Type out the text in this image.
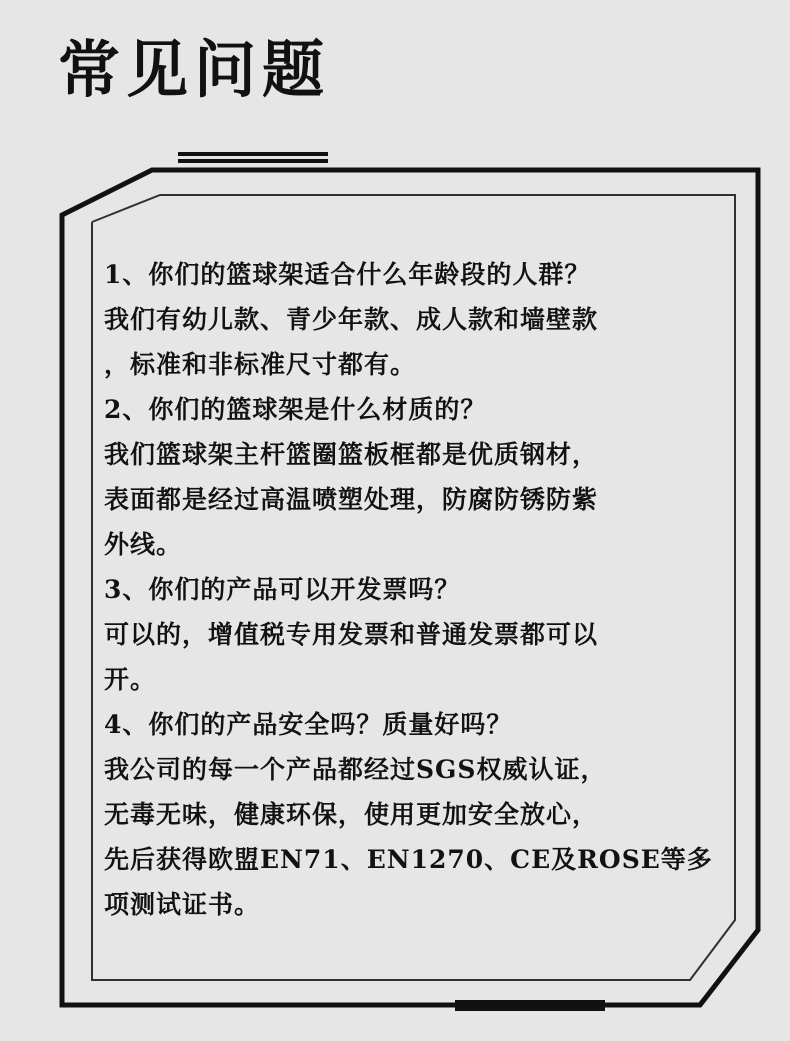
常见问题
1、你们的篮球架适合什么年龄段的人群？
我们有幼儿款、青少年款、成人款和墙壁款
，标准和非标准尺寸都有。
2、你们的篮球架是什么材质的？
我们篮球架主杆篮圈篮板框都是优质钢材，
表面都是经过高温喷塑处理，防腐防锈防紫
外线。
3、你们的产品可以开发票吗？
可以的，增值税专用发票和普通发票都可以
开。
4、你们的产品安全吗？质量好吗？
我公司的每一个产品都经过SGS权威认证，
无毒无味，健康环保，使用更加安全放心，
先后获得欧盟EN71、EN1270、CE及ROSE等多
项测试证书。
